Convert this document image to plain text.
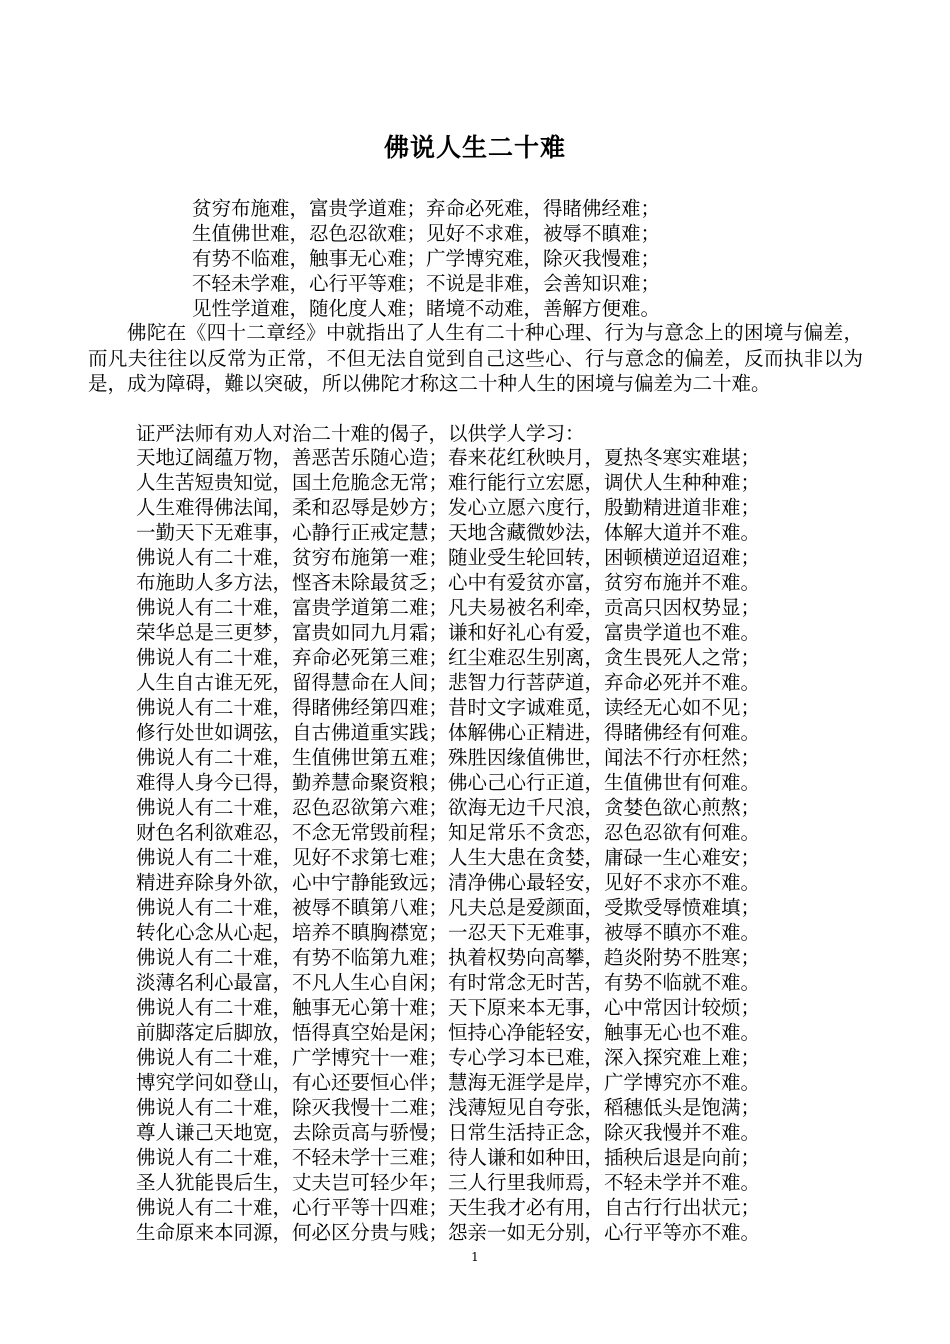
佛说人生二十难
贫穷布施难，富贵学道难；弃命必死难，得睹佛经难；
生值佛世难，忍色忍欲难；见好不求难，被辱不瞋难；
有势不临难，触事无心难；广学博究难，除灭我慢难；
不轻未学难，心行平等难；不说是非难，会善知识难；
见性学道难，随化度人难；睹境不动难，善解方便难。
佛陀在《四十二章经》中就指出了人生有二十种心理、行为与意念上的困境与偏差，而凡夫往往以反常为正常，不但无法自觉到自己这些心、行与意念的偏差，反而执非以为是，成为障碍，難以突破，所以佛陀才称这二十种人生的困境与偏差为二十难。
证严法师有劝人对治二十难的偈子，以供学人学习：
天地辽阔蕴万物，善恶苦乐随心造；春来花红秋映月，夏热冬寒实难堪；
人生苦短贵知觉，国土危脆念无常；难行能行立宏愿，调伏人生种种难；
人生难得佛法闻，柔和忍辱是妙方；发心立愿六度行，殷勤精进道非难；
一勤天下无难事，心静行正戒定慧；天地含藏微妙法，体解大道并不难。
佛说人有二十难，贫穷布施第一难；随业受生轮回转，困顿横逆迢迢难；
布施助人多方法，悭吝未除最贫乏；心中有爱贫亦富，贫穷布施并不难。
佛说人有二十难，富贵学道第二难；凡夫易被名利牵，贡高只因权势显；
荣华总是三更梦，富贵如同九月霜；谦和好礼心有爱，富贵学道也不难。
佛说人有二十难，弃命必死第三难；红尘难忍生别离，贪生畏死人之常；
人生自古谁无死，留得慧命在人间；悲智力行菩萨道，弃命必死并不难。
佛说人有二十难，得睹佛经第四难；昔时文字诚难觅，读经无心如不见；
修行处世如调弦，自古佛道重实践；体解佛心正精进，得睹佛经有何难。
佛说人有二十难，生值佛世第五难；殊胜因缘值佛世，闻法不行亦枉然；
难得人身今已得，勤养慧命聚资粮；佛心己心行正道，生值佛世有何难。
佛说人有二十难，忍色忍欲第六难；欲海无边千尺浪，贪婪色欲心煎熬；
财色名利欲难忍，不念无常毁前程；知足常乐不贪恋，忍色忍欲有何难。
佛说人有二十难，见好不求第七难；人生大患在贪婪，庸碌一生心难安；
精进弃除身外欲，心中宁静能致远；清净佛心最轻安，见好不求亦不难。
佛说人有二十难，被辱不瞋第八难；凡夫总是爱颜面，受欺受辱愤难填；
转化心念从心起，培养不瞋胸襟宽；一忍天下无难事，被辱不瞋亦不难。
佛说人有二十难，有势不临第九难；执着权势向高攀，趋炎附势不胜寒；
淡薄名利心最富，不凡人生心自闲；有时常念无时苦，有势不临就不难。
佛说人有二十难，触事无心第十难；天下原来本无事，心中常因计较烦；
前脚落定后脚放，悟得真空始是闲；恒持心净能轻安，触事无心也不难。
佛说人有二十难，广学博究十一难；专心学习本已难，深入探究难上难；
博究学问如登山，有心还要恒心伴；慧海无涯学是岸，广学博究亦不难。
佛说人有二十难，除灭我慢十二难；浅薄短见自夸张，稻穗低头是饱满；
尊人谦己天地宽，去除贡高与骄慢；日常生活持正念，除灭我慢并不难。
佛说人有二十难，不轻未学十三难；待人谦和如种田，插秧后退是向前；
圣人犹能畏后生，丈夫岂可轻少年；三人行里我师焉，不轻未学并不难。
佛说人有二十难，心行平等十四难；天生我才必有用，自古行行出状元；
生命原来本同源，何必区分贵与贱；怨亲一如无分别，心行平等亦不难。
1
